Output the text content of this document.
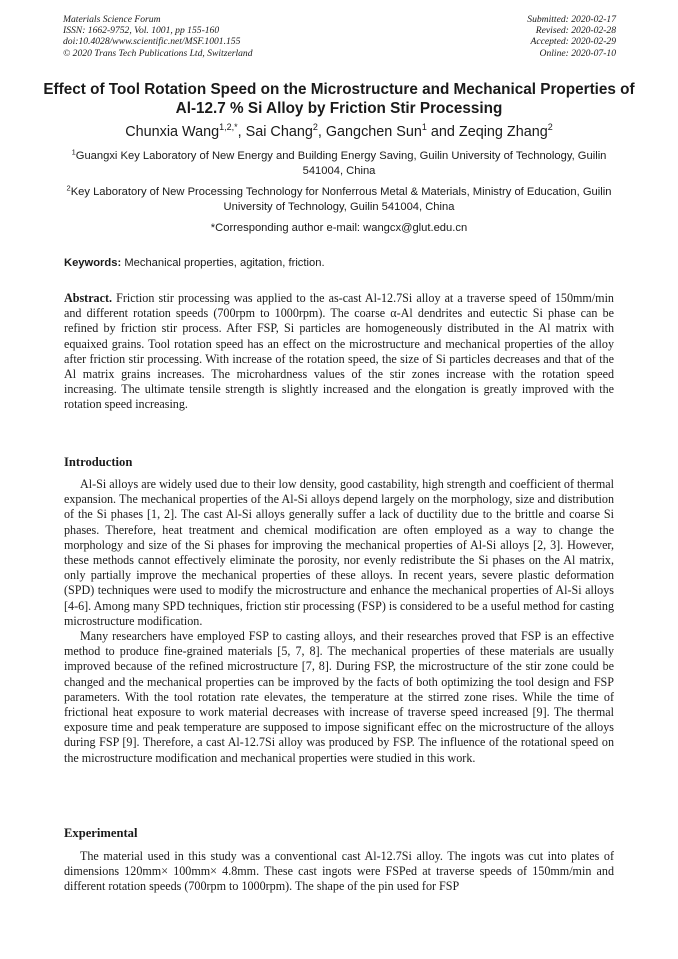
Materials Science Forum
ISSN: 1662-9752, Vol. 1001, pp 155-160
doi:10.4028/www.scientific.net/MSF.1001.155
© 2020 Trans Tech Publications Ltd, Switzerland
Submitted: 2020-02-17
Revised: 2020-02-28
Accepted: 2020-02-29
Online: 2020-07-10
Effect of Tool Rotation Speed on the Microstructure and Mechanical Properties of Al-12.7 % Si Alloy by Friction Stir Processing
Chunxia Wang$^{1,2,*}$, Sai Chang$^2$, Gangchen Sun$^1$ and Zeqing Zhang$^2$
$^1$Guangxi Key Laboratory of New Energy and Building Energy Saving, Guilin University of Technology, Guilin 541004, China
$^2$Key Laboratory of New Processing Technology for Nonferrous Metal & Materials, Ministry of Education, Guilin University of Technology, Guilin 541004, China
*Corresponding author e-mail: wangcx@glut.edu.cn
Keywords: Mechanical properties, agitation, friction.

Abstract. Friction stir processing was applied to the as-cast Al-12.7Si alloy at a traverse speed of 150mm/min and different rotation speeds (700rpm to 1000rpm). The coarse α-Al dendrites and eutectic Si phase can be refined by friction stir process. After FSP, Si particles are homogeneously distributed in the Al matrix with equaixed grains. Tool rotation speed has an effect on the microstructure and mechanical properties of the alloy after friction stir processing. With increase of the rotation speed, the size of Si particles decreases and that of the Al matrix grains increases. The microhardness values of the stir zones increase with the rotation speed increasing. The ultimate tensile strength is slightly increased and the elongation is greatly improved with the rotation speed increasing.

Introduction

Al-Si alloys are widely used due to their low density, good castability, high strength and coefficient of thermal expansion. The mechanical properties of the Al-Si alloys depend largely on the morphology, size and distribution of the Si phases [1, 2]. The cast Al-Si alloys generally suffer a lack of ductility due to the brittle and coarse Si phases. Therefore, heat treatment and chemical modification are often employed as a way to change the morphology and size of the Si phases for improving the mechanical properties of Al-Si alloys [2, 3]. However, these methods cannot effectively eliminate the porosity, nor evenly redistribute the Si phases on the Al matrix, only partially improve the mechanical properties of these alloys. In recent years, severe plastic deformation (SPD) techniques were used to modify the microstructure and enhance the mechanical properties of Al-Si alloys [4-6]. Among many SPD techniques, friction stir processing (FSP) is considered to be a useful method for casting microstructure modification.

Many researchers have employed FSP to casting alloys, and their researches proved that FSP is an effective method to produce fine-grained materials [5, 7, 8]. The mechanical properties of these materials are usually improved because of the refined microstructure [7, 8]. During FSP, the microstructure of the stir zone could be changed and the mechanical properties can be improved by the facts of both optimizing the tool design and FSP parameters. With the tool rotation rate elevates, the temperature at the stirred zone rises. While the time of frictional heat exposure to work material decreases with increase of traverse speed increased [9]. The thermal exposure time and peak temperature are supposed to impose significant effec on the microstructure of the alloys during FSP [9]. Therefore, a cast Al-12.7Si alloy was produced by FSP. The influence of the rotational speed on the microstructure modification and mechanical properties were studied in this work.

Experimental

The material used in this study was a conventional cast Al-12.7Si alloy. The ingots was cut into plates of dimensions 120mm× 100mm× 4.8mm. These cast ingots were FSPed at traverse speeds of 150mm/min and different rotation speeds (700rpm to 1000rpm). The shape of the pin used for FSP
